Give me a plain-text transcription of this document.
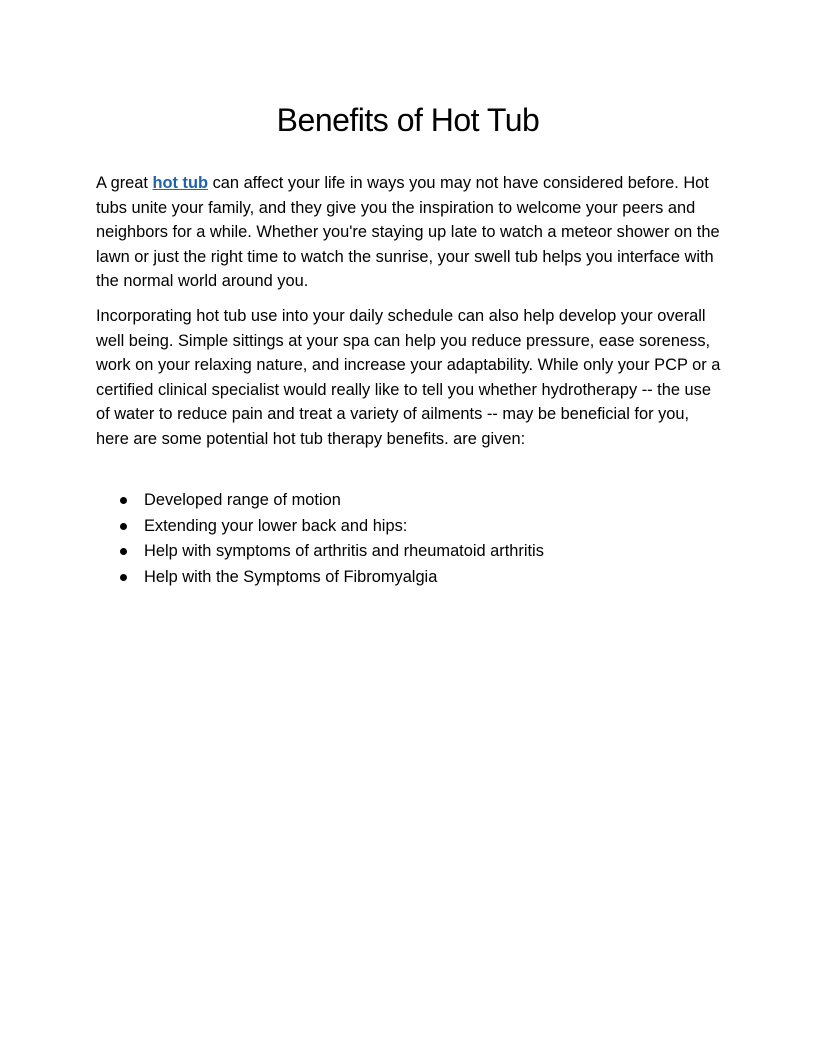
Benefits of Hot Tub

A great hot tub can affect your life in ways you may not have considered before. Hot tubs unite your family, and they give you the inspiration to welcome your peers and neighbors for a while. Whether you're staying up late to watch a meteor shower on the lawn or just the right time to watch the sunrise, your swell tub helps you interface with the normal world around you.

Incorporating hot tub use into your daily schedule can also help develop your overall well being. Simple sittings at your spa can help you reduce pressure, ease soreness, work on your relaxing nature, and increase your adaptability. While only your PCP or a certified clinical specialist would really like to tell you whether hydrotherapy -- the use of water to reduce pain and treat a variety of ailments -- may be beneficial for you, here are some potential hot tub therapy benefits. are given:

Developed range of motion
Extending your lower back and hips:
Help with symptoms of arthritis and rheumatoid arthritis
Help with the Symptoms of Fibromyalgia
